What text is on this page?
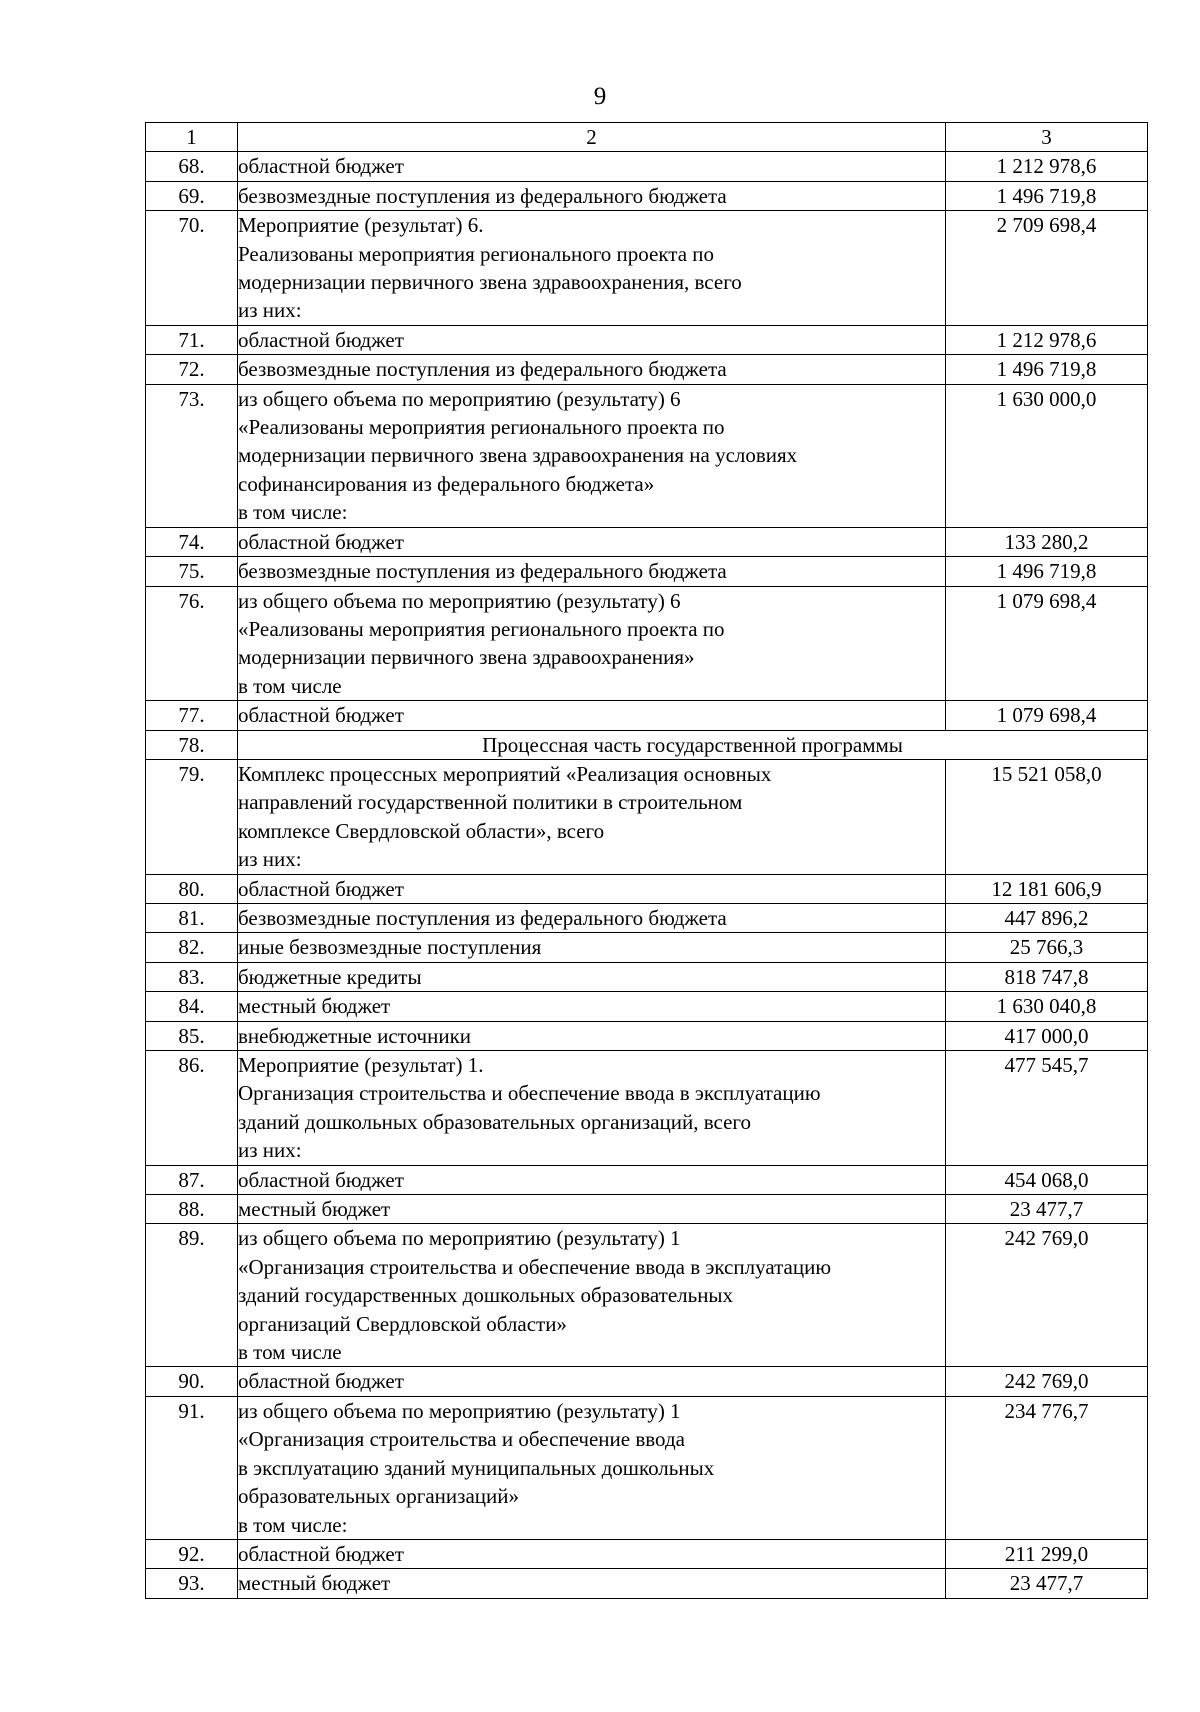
9
1	2	3
68.	областной бюджет	1 212 978,6
69.	безвозмездные поступления из федерального бюджета	1 496 719,8
70.	Мероприятие (результат) 6.
Реализованы мероприятия регионального проекта по
модернизации первичного звена здравоохранения, всего
из них:	2 709 698,4
71.	областной бюджет	1 212 978,6
72.	безвозмездные поступления из федерального бюджета	1 496 719,8
73.	из общего объема по мероприятию (результату) 6
«Реализованы мероприятия регионального проекта по
модернизации первичного звена здравоохранения на условиях
софинансирования из федерального бюджета»
в том числе:	1 630 000,0
74.	областной бюджет	133 280,2
75.	безвозмездные поступления из федерального бюджета	1 496 719,8
76.	из общего объема по мероприятию (результату) 6
«Реализованы мероприятия регионального проекта по
модернизации первичного звена здравоохранения»
в том числе	1 079 698,4
77.	областной бюджет	1 079 698,4
78.	Процессная часть государственной программы	
79.	Комплекс процессных мероприятий «Реализация основных
направлений государственной политики в строительном
комплексе Свердловской области», всего
из них:	15 521 058,0
80.	областной бюджет	12 181 606,9
81.	безвозмездные поступления из федерального бюджета	447 896,2
82.	иные безвозмездные поступления	25 766,3
83.	бюджетные кредиты	818 747,8
84.	местный бюджет	1 630 040,8
85.	внебюджетные источники	417 000,0
86.	Мероприятие (результат) 1.
Организация строительства и обеспечение ввода в эксплуатацию
зданий дошкольных образовательных организаций, всего
из них:	477 545,7
87.	областной бюджет	454 068,0
88.	местный бюджет	23 477,7
89.	из общего объема по мероприятию (результату) 1
«Организация строительства и обеспечение ввода в эксплуатацию
зданий государственных дошкольных образовательных
организаций Свердловской области»
в том числе	242 769,0
90.	областной бюджет	242 769,0
91.	из общего объема по мероприятию (результату) 1
«Организация строительства и обеспечение ввода
в эксплуатацию зданий муниципальных дошкольных
образовательных организаций»
в том числе:	234 776,7
92.	областной бюджет	211 299,0
93.	местный бюджет	23 477,7
